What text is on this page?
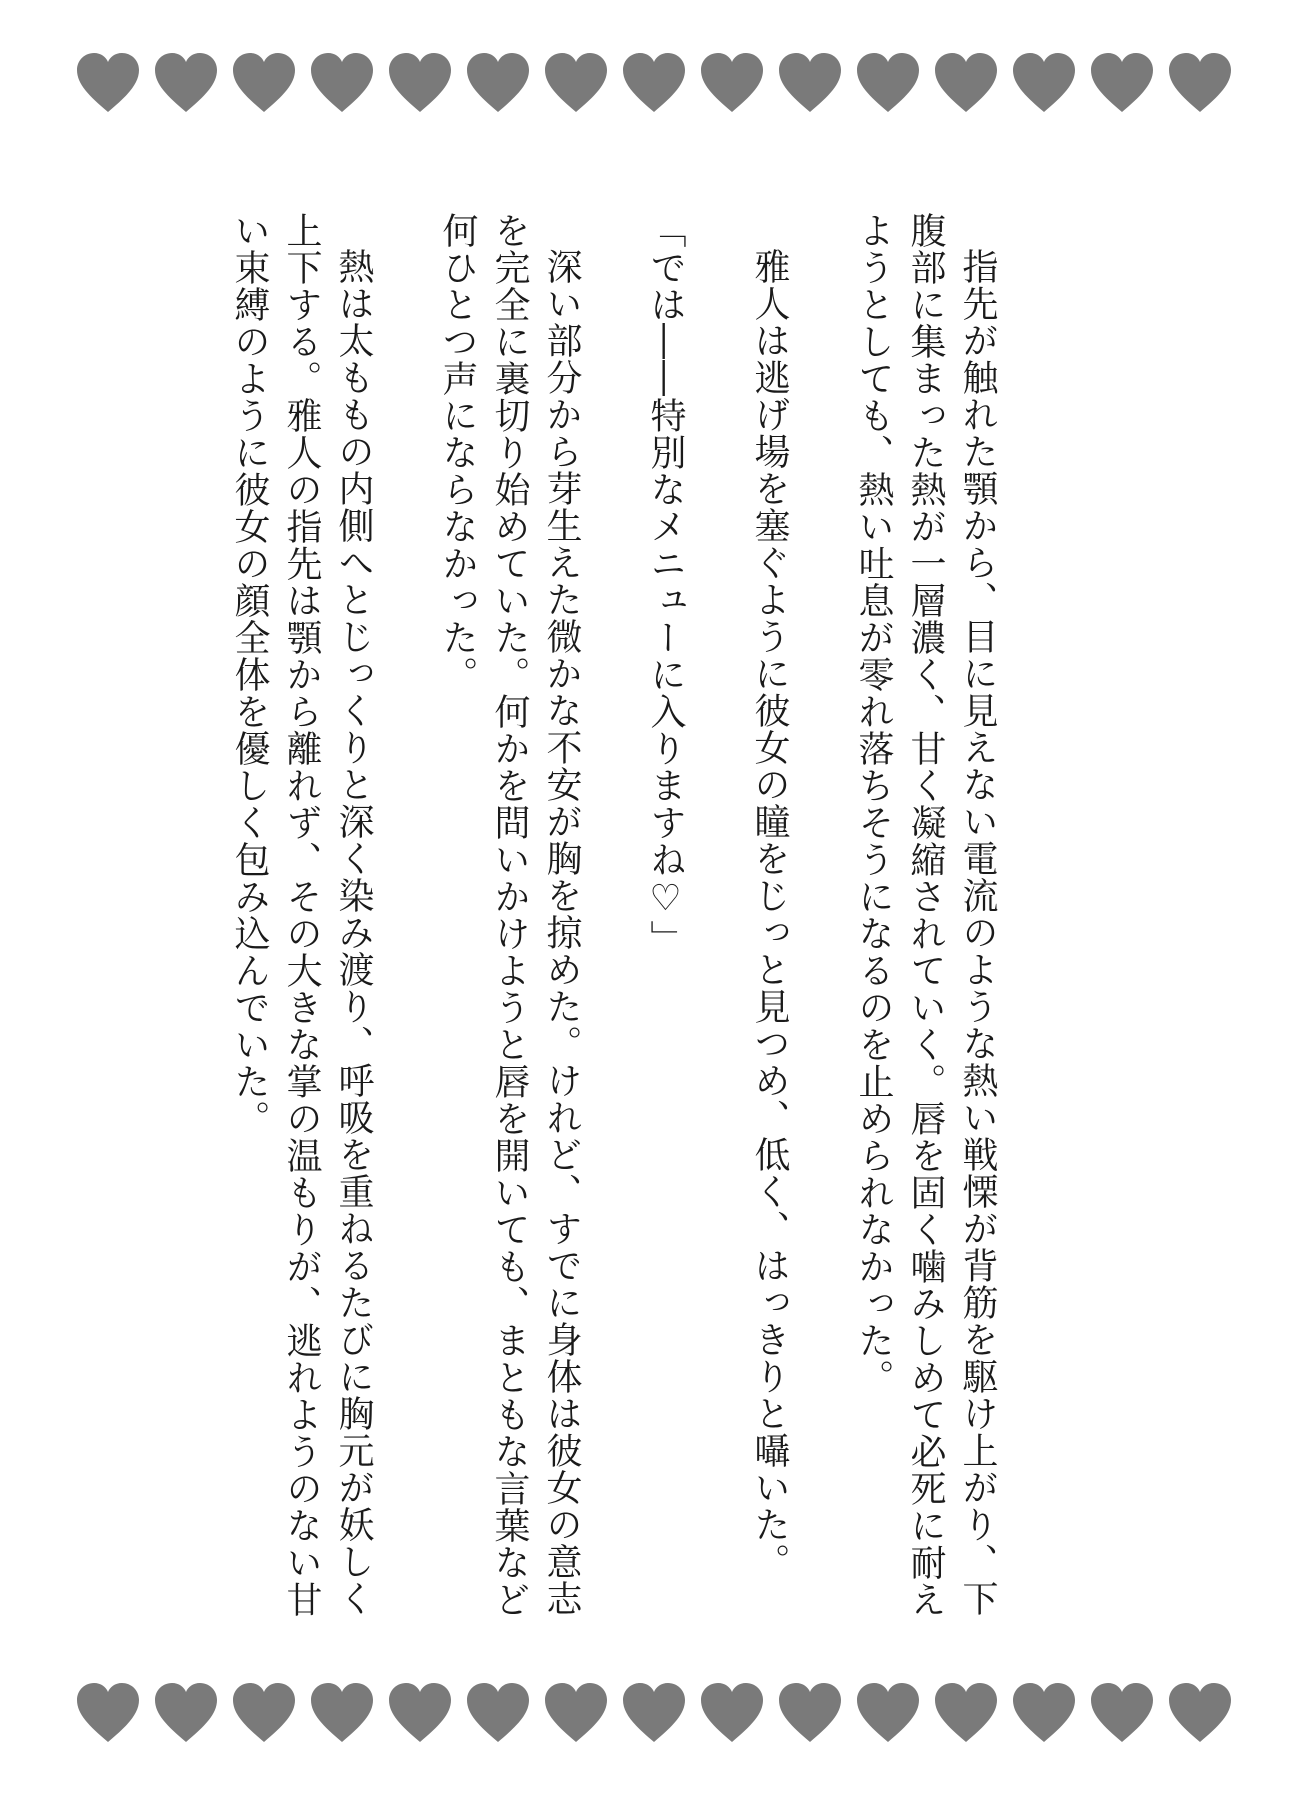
指先が触れた顎から、目に見えない電流のような熱い戦慄が背筋を駆け上がり、下腹部に集まった熱が一層濃く、甘く凝縮されていく。唇を固く噛みしめて必死に耐えようとしても、熱い吐息が零れ落ちそうになるのを止められなかった。

雅人は逃げ場を塞ぐように彼女の瞳をじっと見つめ、低く、はっきりと囁いた。

「では――特別なメニューに入りますね♡」

深い部分から芽生えた微かな不安が胸を掠めた。けれど、すでに身体は彼女の意志を完全に裏切り始めていた。何かを問いかけようと唇を開いても、まともな言葉など何ひとつ声にならなかった。

熱は太ももの内側へとじっくりと深く染み渡り、呼吸を重ねるたびに胸元が妖しく上下する。雅人の指先は顎から離れず、その大きな掌の温もりが、逃れようのない甘い束縛のように彼女の顔全体を優しく包み込んでいた。
